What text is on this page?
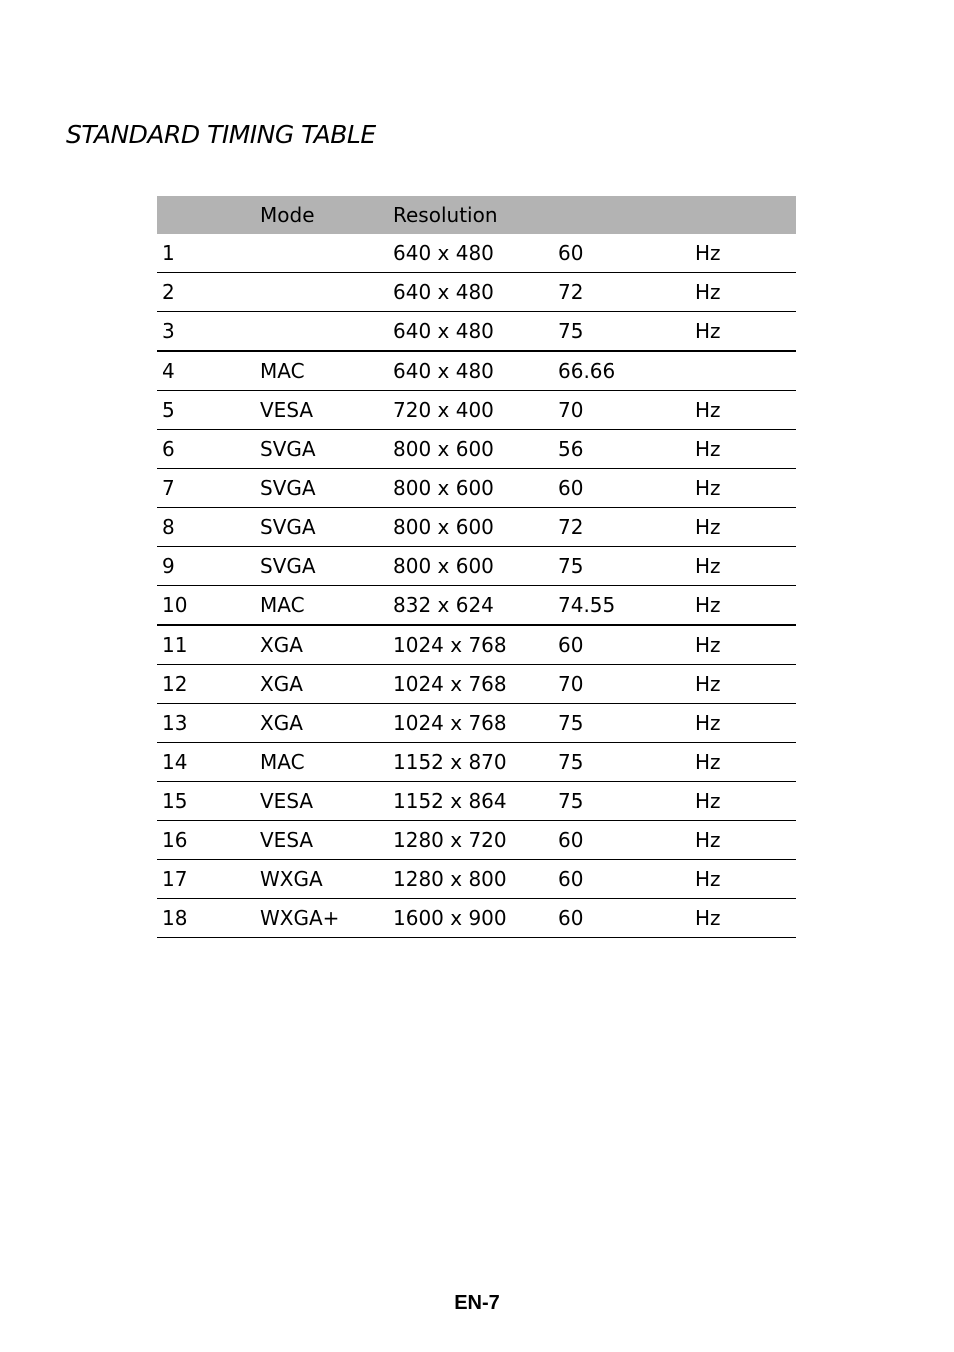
STANDARD TIMING TABLE
	Mode	Resolution		
1		640 x 480	60	Hz
2		640 x 480	72	Hz
3		640 x 480	75	Hz
4	MAC	640 x 480	66.66	
5	VESA	720 x 400	70	Hz
6	SVGA	800 x 600	56	Hz
7	SVGA	800 x 600	60	Hz
8	SVGA	800 x 600	72	Hz
9	SVGA	800 x 600	75	Hz
10	MAC	832 x 624	74.55	Hz
11	XGA	1024 x 768	60	Hz
12	XGA	1024 x 768	70	Hz
13	XGA	1024 x 768	75	Hz
14	MAC	1152 x 870	75	Hz
15	VESA	1152 x 864	75	Hz
16	VESA	1280 x 720	60	Hz
17	WXGA	1280 x 800	60	Hz
18	WXGA+	1600 x 900	60	Hz
EN-7
